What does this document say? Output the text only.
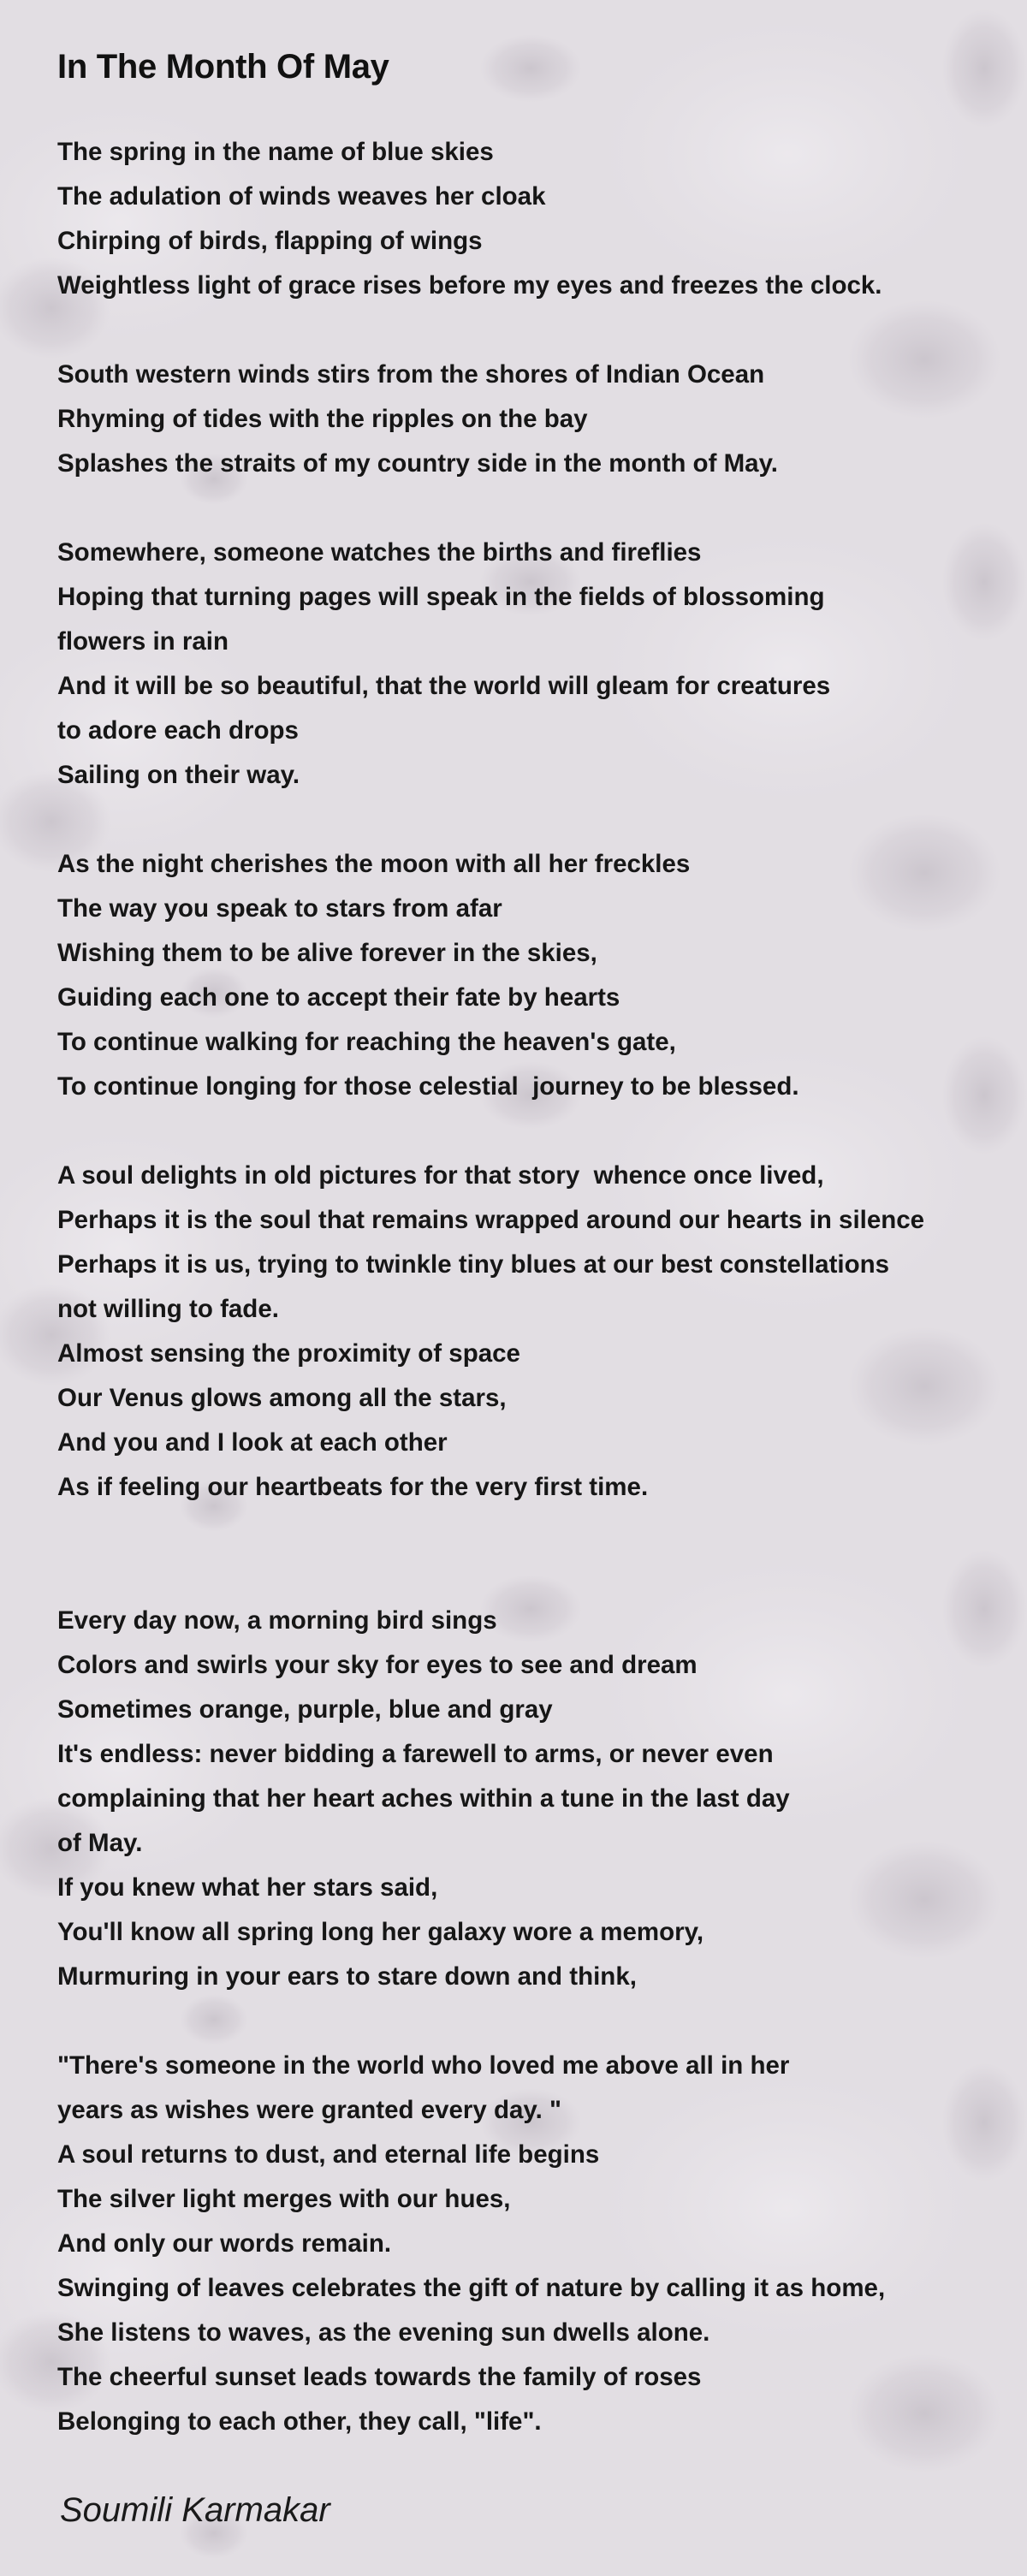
In The Month Of May

The spring in the name of blue skies
The adulation of winds weaves her cloak
Chirping of birds, flapping of wings
Weightless light of grace rises before my eyes and freezes the clock.

South western winds stirs from the shores of Indian Ocean
Rhyming of tides with the ripples on the bay
Splashes the straits of my country side in the month of May.

Somewhere, someone watches the births and fireflies
Hoping that turning pages will speak in the fields of blossoming
flowers in rain
And it will be so beautiful, that the world will gleam for creatures
to adore each drops
Sailing on their way.

As the night cherishes the moon with all her freckles
The way you speak to stars from afar
Wishing them to be alive forever in the skies,
Guiding each one to accept their fate by hearts
To continue walking for reaching the heaven's gate,
To continue longing for those celestial  journey to be blessed.

A soul delights in old pictures for that story  whence once lived,
Perhaps it is the soul that remains wrapped around our hearts in silence
Perhaps it is us, trying to twinkle tiny blues at our best constellations
not willing to fade.
Almost sensing the proximity of space
Our Venus glows among all the stars,
And you and I look at each other
As if feeling our heartbeats for the very first time.

Every day now, a morning bird sings
Colors and swirls your sky for eyes to see and dream
Sometimes orange, purple, blue and gray
It's endless: never bidding a farewell to arms, or never even
complaining that her heart aches within a tune in the last day
of May.
If you knew what her stars said,
You'll know all spring long her galaxy wore a memory,
Murmuring in your ears to stare down and think,

"There's someone in the world who loved me above all in her
years as wishes were granted every day. "
A soul returns to dust, and eternal life begins
The silver light merges with our hues,
And only our words remain.
Swinging of leaves celebrates the gift of nature by calling it as home,
She listens to waves, as the evening sun dwells alone.
The cheerful sunset leads towards the family of roses
Belonging to each other, they call, "life".

Soumili Karmakar
